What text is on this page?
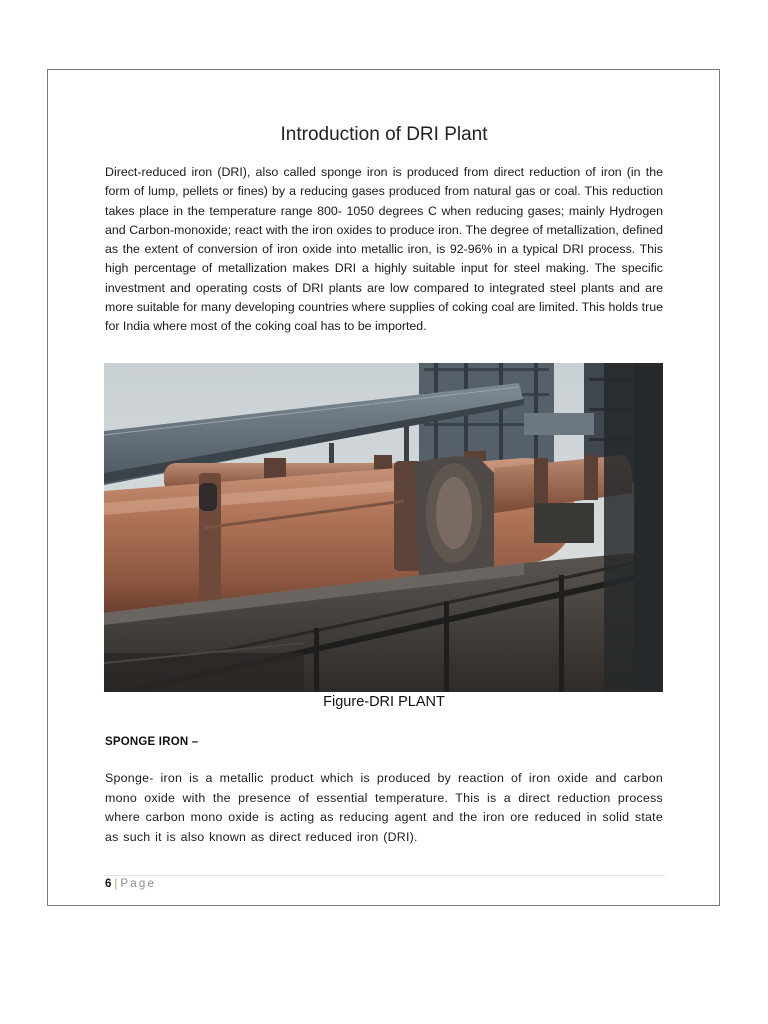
Introduction of DRI Plant
Direct-reduced iron (DRI), also called sponge iron is produced from direct reduction of iron (in the form of lump, pellets or fines) by a reducing gases produced from natural gas or coal. This reduction takes place in the temperature range 800- 1050 degrees C when reducing gases; mainly Hydrogen and Carbon-monoxide; react with the iron oxides to produce iron. The degree of metallization, defined as the extent of conversion of iron oxide into metallic iron, is 92-96% in a typical DRI process. This high percentage of metallization makes DRI a highly suitable input for steel making. The specific investment and operating costs of DRI plants are low compared to integrated steel plants and are more suitable for many developing countries where supplies of coking coal are limited. This holds true for India where most of the coking coal has to be imported.
Figure-DRI PLANT
SPONGE IRON –
Sponge- iron is a metallic product which is produced by reaction of iron oxide and carbon mono oxide with the presence of essential temperature. This is a direct reduction process where carbon mono oxide is acting as reducing agent and the iron ore reduced in solid state as such it is also known as direct reduced iron (DRI).
6 | Page
